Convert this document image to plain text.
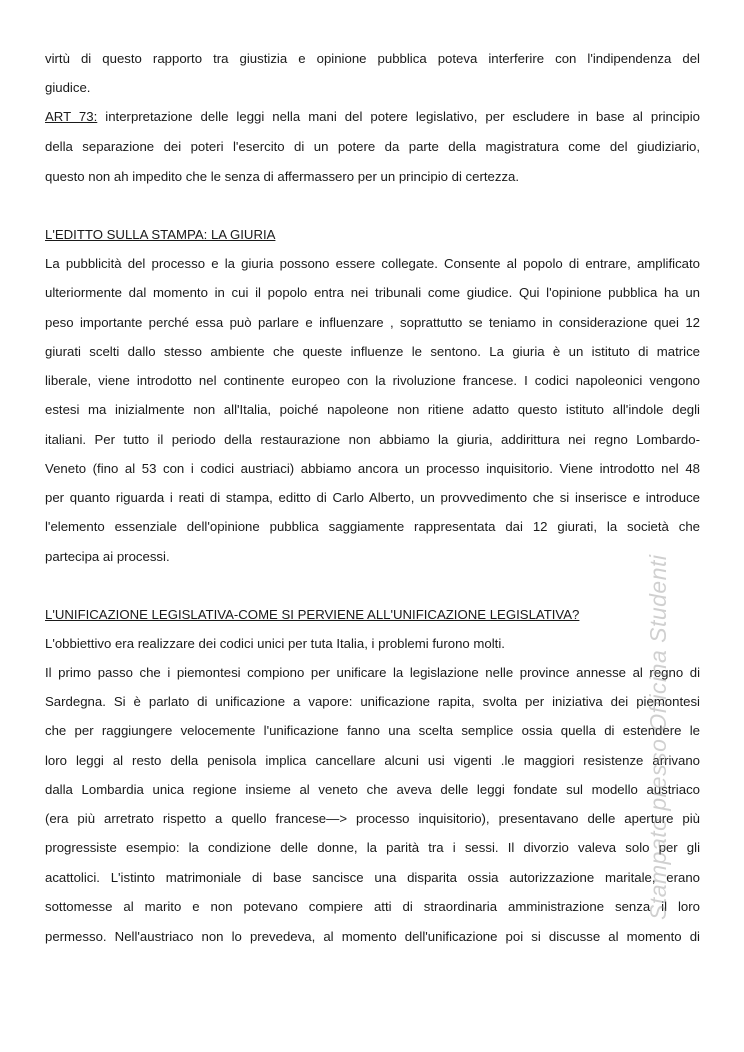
virtù di questo rapporto tra giustizia e opinione pubblica poteva interferire con l'indipendenza del
giudice.
ART 73: interpretazione delle leggi nella mani del potere legislativo, per escludere in base al principio
della separazione dei poteri l'esercito di un potere da parte della magistratura come del giudiziario,
questo non ah impedito che le senza di affermassero per un principio di certezza.
L'EDITTO SULLA STAMPA: LA GIURIA
La pubblicità del processo e la giuria possono essere collegate. Consente al popolo di entrare, amplificato
ulteriormente dal momento in cui il popolo entra nei tribunali come giudice. Qui l'opinione pubblica ha un
peso importante perché essa può parlare e influenzare , soprattutto se teniamo in considerazione quei 12
giurati scelti dallo stesso ambiente che queste influenze le sentono. La giuria è un istituto di matrice
liberale, viene introdotto nel continente europeo con la rivoluzione francese. I codici napoleonici vengono
estesi ma inizialmente non all'Italia, poiché napoleone non ritiene adatto questo istituto all'indole degli
italiani. Per tutto il periodo della restaurazione non abbiamo la giuria, addirittura nei regno Lombardo-
Veneto (fino al 53 con i codici austriaci) abbiamo ancora un processo inquisitorio. Viene introdotto nel 48
per quanto riguarda i reati di stampa, editto di Carlo Alberto, un provvedimento che si inserisce e introduce
l'elemento essenziale dell'opinione pubblica saggiamente rappresentata dai 12 giurati, la società che
partecipa ai processi.
L'UNIFICAZIONE LEGISLATIVA-COME SI PERVIENE ALL'UNIFICAZIONE LEGISLATIVA?
L'obbiettivo era realizzare dei codici unici per tuta Italia, i problemi furono molti.
Il primo passo che i piemontesi compiono per unificare la legislazione nelle province annesse al regno di
Sardegna. Si è parlato di unificazione a vapore: unificazione rapita, svolta per iniziativa dei piemontesi
che per raggiungere velocemente l'unificazione fanno una scelta semplice ossia quella di estendere le
loro leggi al resto della penisola implica cancellare alcuni usi vigenti .le maggiori resistenze arrivano
dalla Lombardia unica regione insieme al veneto che aveva delle leggi fondate sul modello austriaco
(era più arretrato rispetto a quello francese—> processo inquisitorio), presentavano delle aperture più
progressiste esempio: la condizione delle donne, la parità tra i sessi. Il divorzio valeva solo per gli
acattolici. L'istinto matrimoniale di base sancisce una disparita ossia autorizzazione maritale, erano
sottomesse al marito e non potevano compiere atti di straordinaria amministrazione senza il loro
permesso. Nell'austriaco non lo prevedeva, al momento dell'unificazione poi si discusse al momento di
Stampato presso Officina Studenti
